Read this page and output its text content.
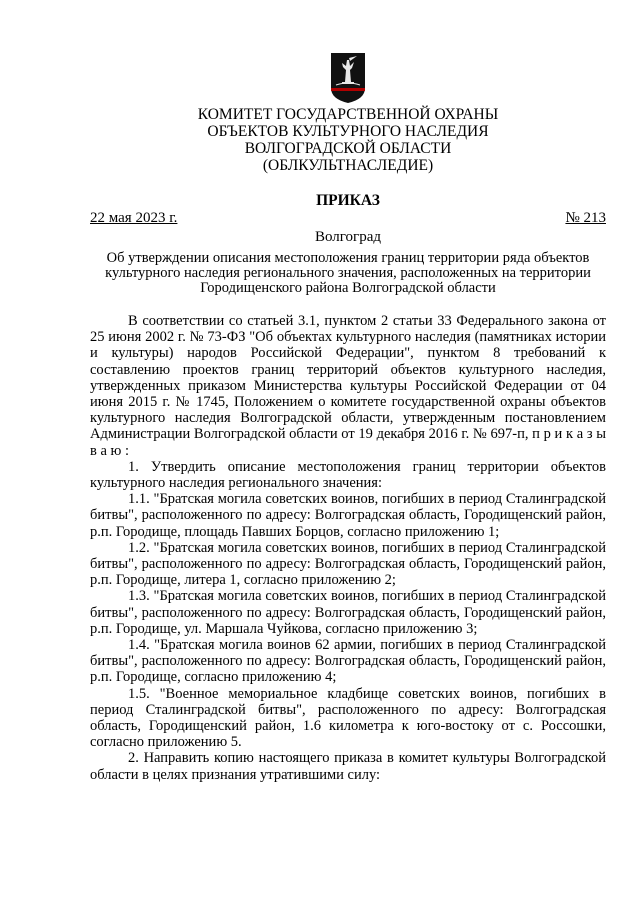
КОМИТЕТ ГОСУДАРСТВЕННОЙ ОХРАНЫ
ОБЪЕКТОВ КУЛЬТУРНОГО НАСЛЕДИЯ
ВОЛГОГРАДСКОЙ ОБЛАСТИ
(ОБЛКУЛЬТНАСЛЕДИЕ)
ПРИКАЗ
22 мая 2023 г.	№ 213
Волгоград
Об утверждении описания местоположения границ территории ряда объектов
культурного наследия регионального значения, расположенных на территории
Городищенского района Волгоградской области

В соответствии со статьей 3.1, пунктом 2 статьи 33 Федерального закона от 25 июня 2002 г. № 73-ФЗ "Об объектах культурного наследия (памятниках истории и культуры) народов Российской Федерации", пунктом 8 требований к составлению проектов границ территорий объектов культурного наследия, утвержденных приказом Министерства культуры Российской Федерации от 04 июня 2015 г. № 1745, Положением о комитете государственной охраны объектов культурного наследия Волгоградской области, утвержденным постановлением Администрации Волгоградской области от 19 декабря 2016 г. № 697-п, п р и к а з ы в а ю :

1. Утвердить описание местоположения границ территории объектов культурного наследия регионального значения:

1.1. "Братская могила советских воинов, погибших в период Сталинградской битвы", расположенного по адресу: Волгоградская область, Городищенский район, р.п. Городище, площадь Павших Борцов, согласно приложению 1;

1.2. "Братская могила советских воинов, погибших в период Сталинградской битвы", расположенного по адресу: Волгоградская область, Городищенский район, р.п. Городище, литера 1, согласно приложению 2;

1.3. "Братская могила советских воинов, погибших в период Сталинградской битвы", расположенного по адресу: Волгоградская область, Городищенский район, р.п. Городище, ул. Маршала Чуйкова, согласно приложению 3;

1.4. "Братская могила воинов 62 армии, погибших в период Сталинградской битвы", расположенного по адресу: Волгоградская область, Городищенский район, р.п. Городище, согласно приложению 4;

1.5. "Военное мемориальное кладбище советских воинов, погибших в период Сталинградской битвы", расположенного по адресу: Волгоградская область, Городищенский район, 1.6 километра к юго-востоку от с. Россошки, согласно приложению 5.

2. Направить копию настоящего приказа в комитет культуры Волгоградской области в целях признания утратившими силу:
